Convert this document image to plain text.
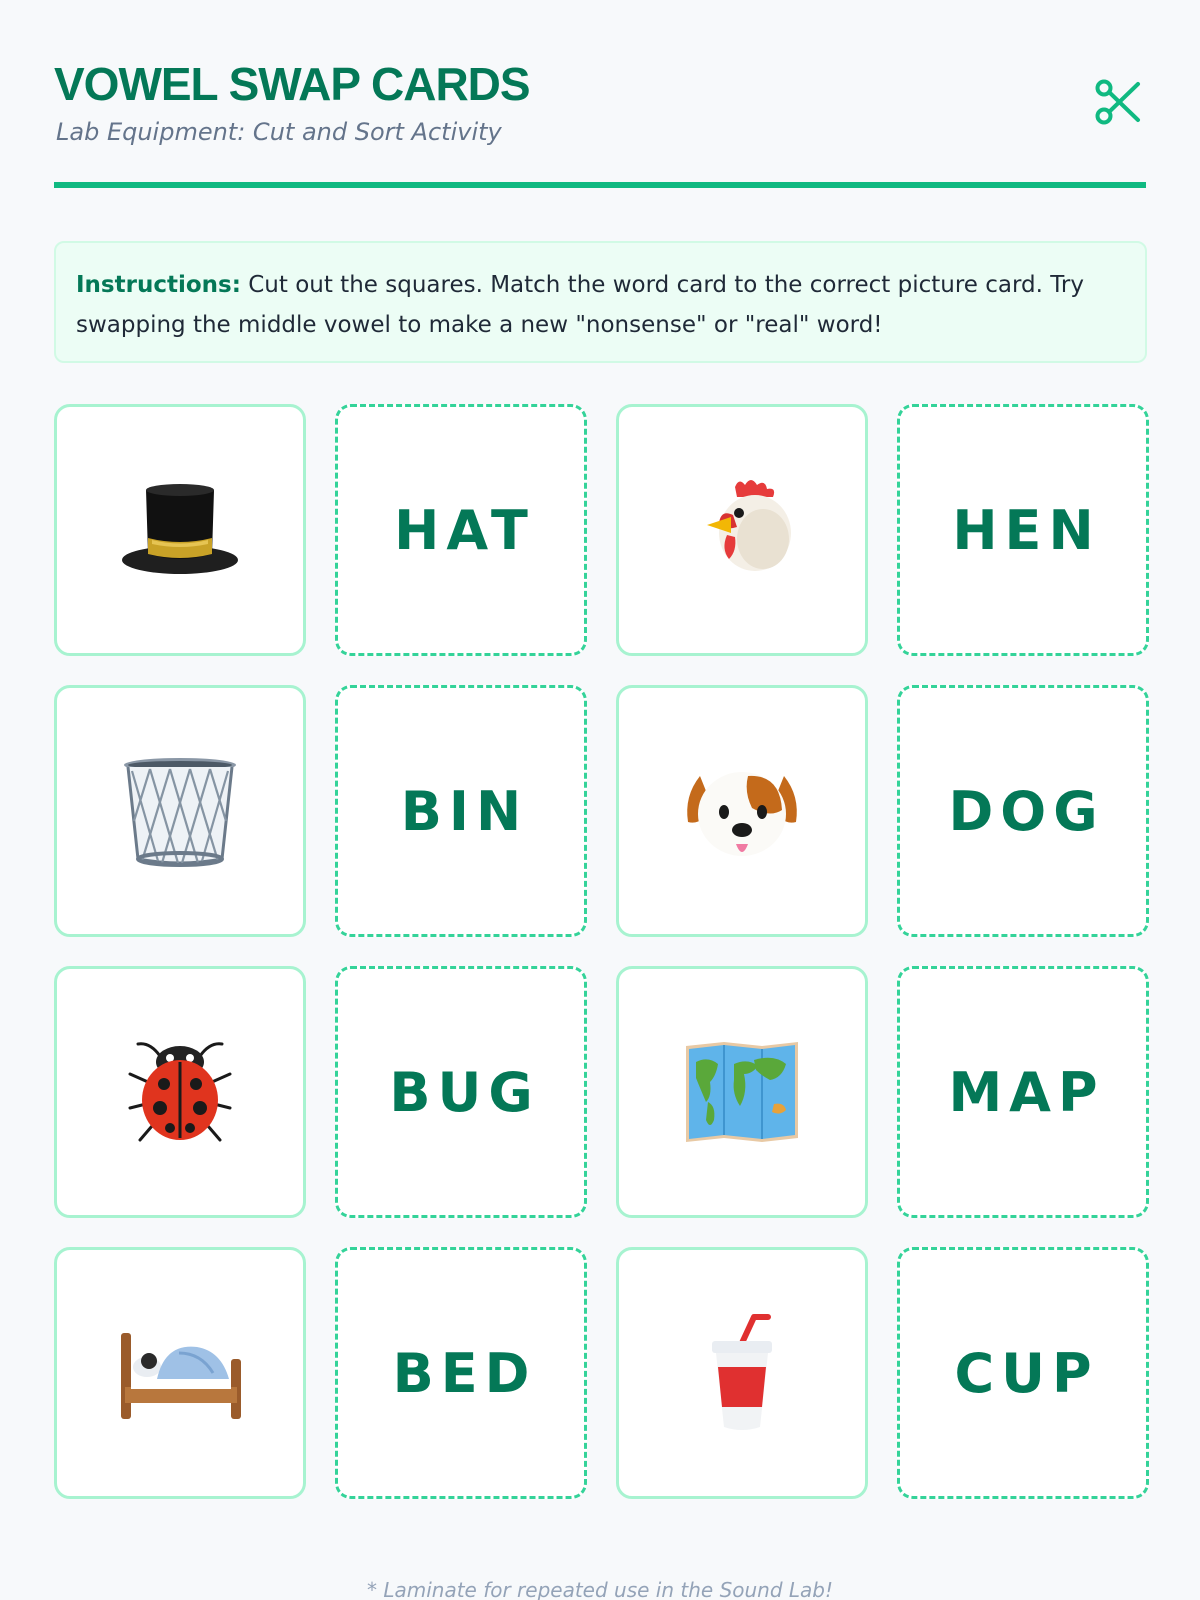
VOWEL SWAP CARDS
Lab Equipment: Cut and Sort Activity
Instructions: Cut out the squares. Match the word card to the correct picture card. Try swapping the middle vowel to make a new "nonsense" or "real" word!
HAT	HEN
BIN	DOG
BUG	MAP
BED	CUP
* Laminate for repeated use in the Sound Lab!
